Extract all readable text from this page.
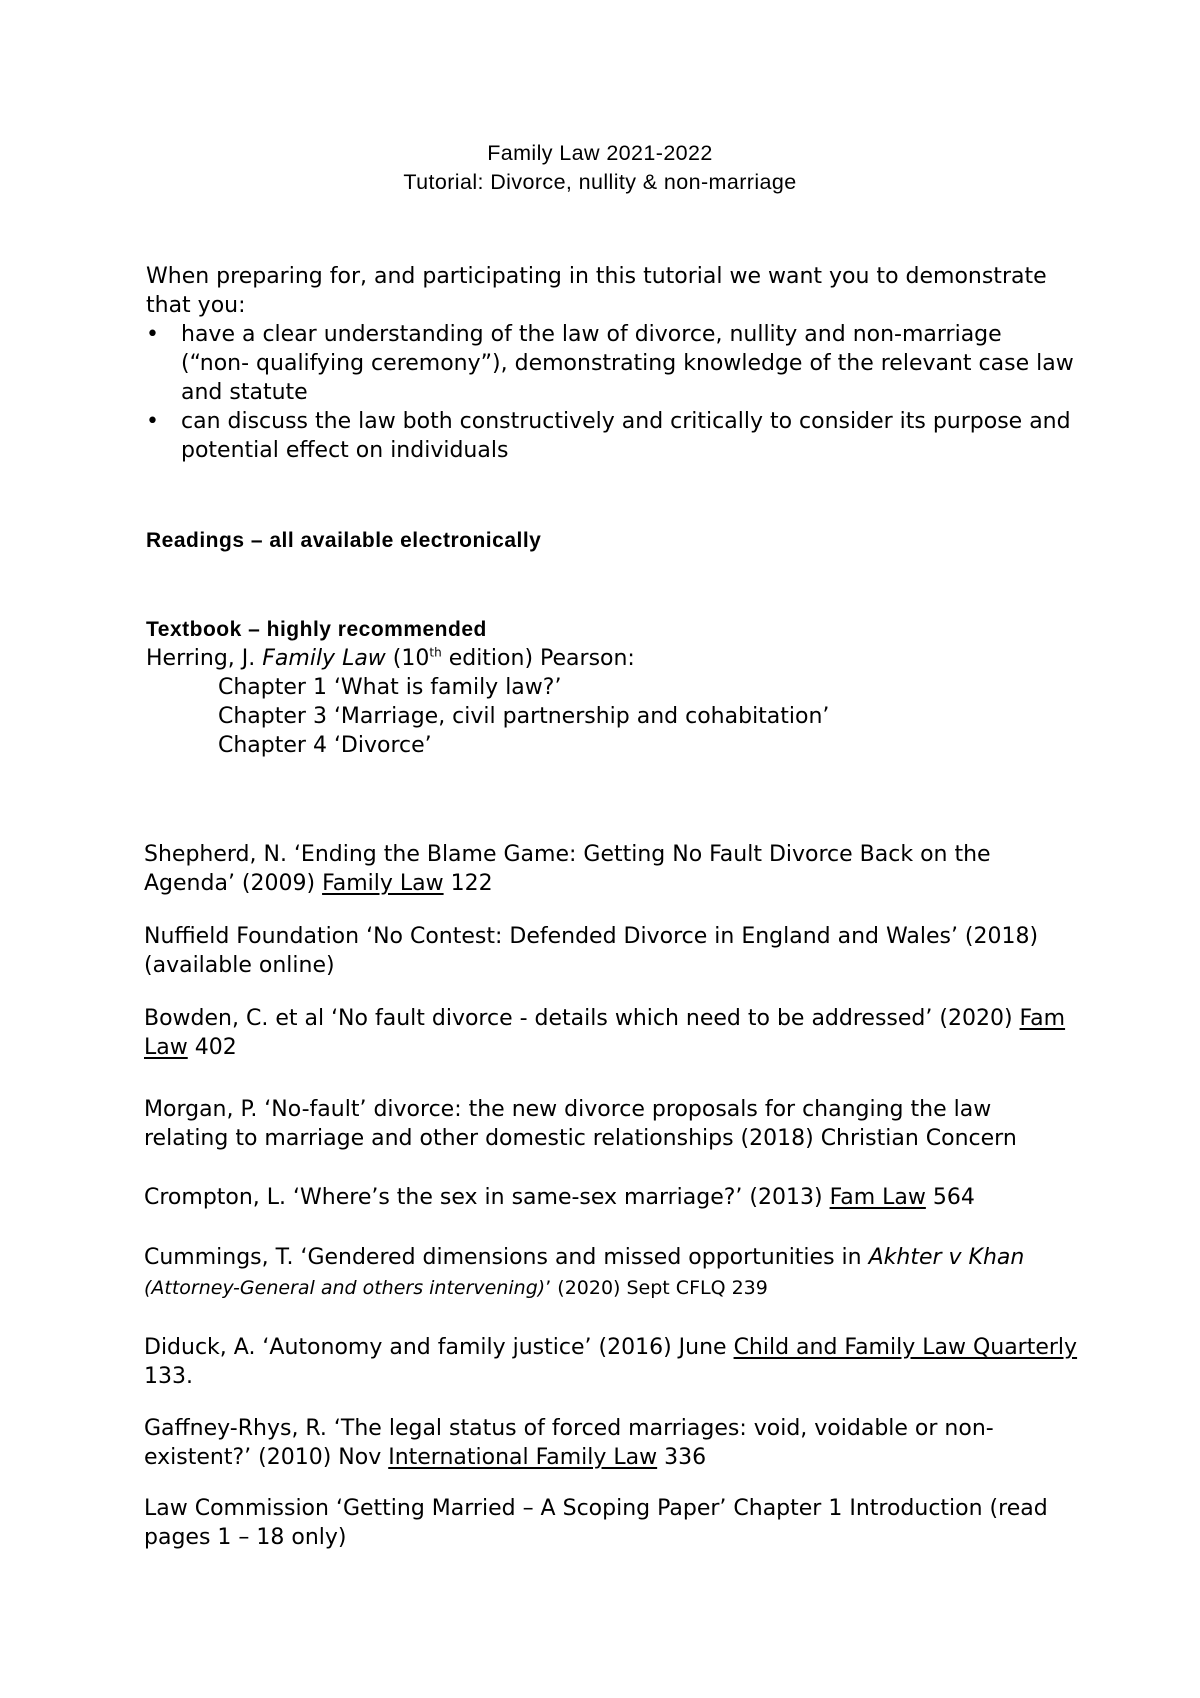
Family Law 2021-2022
Tutorial: Divorce, nullity & non-marriage
When preparing for, and participating in this tutorial we want you to demonstrate
that you:
• have a clear understanding of the law of divorce, nullity and non-marriage
(“non- qualifying ceremony”), demonstrating knowledge of the relevant case law
and statute
• can discuss the law both constructively and critically to consider its purpose and
potential effect on individuals
Readings – all available electronically
Textbook – highly recommended
Herring, J. Family Law (10th edition) Pearson:
Chapter 1 ‘What is family law?’
Chapter 3 ‘Marriage, civil partnership and cohabitation’
Chapter 4 ‘Divorce’
Shepherd, N. ‘Ending the Blame Game: Getting No Fault Divorce Back on the
Agenda’ (2009) Family Law 122
Nuffield Foundation ‘No Contest: Defended Divorce in England and Wales’ (2018)
(available online)
Bowden, C. et al ‘No fault divorce - details which need to be addressed’ (2020) Fam
Law 402
Morgan, P. ‘No-fault’ divorce: the new divorce proposals for changing the law
relating to marriage and other domestic relationships (2018) Christian Concern
Crompton, L. ‘Where’s the sex in same-sex marriage?’ (2013) Fam Law 564
Cummings, T. ‘Gendered dimensions and missed opportunities in Akhter v Khan
(Attorney-General and others intervening)’ (2020) Sept CFLQ 239
Diduck, A. ‘Autonomy and family justice’ (2016) June Child and Family Law Quarterly
133.
Gaffney-Rhys, R. ‘The legal status of forced marriages: void, voidable or non-
existent?’ (2010) Nov International Family Law 336
Law Commission ‘Getting Married – A Scoping Paper’ Chapter 1 Introduction (read
pages 1 – 18 only)
